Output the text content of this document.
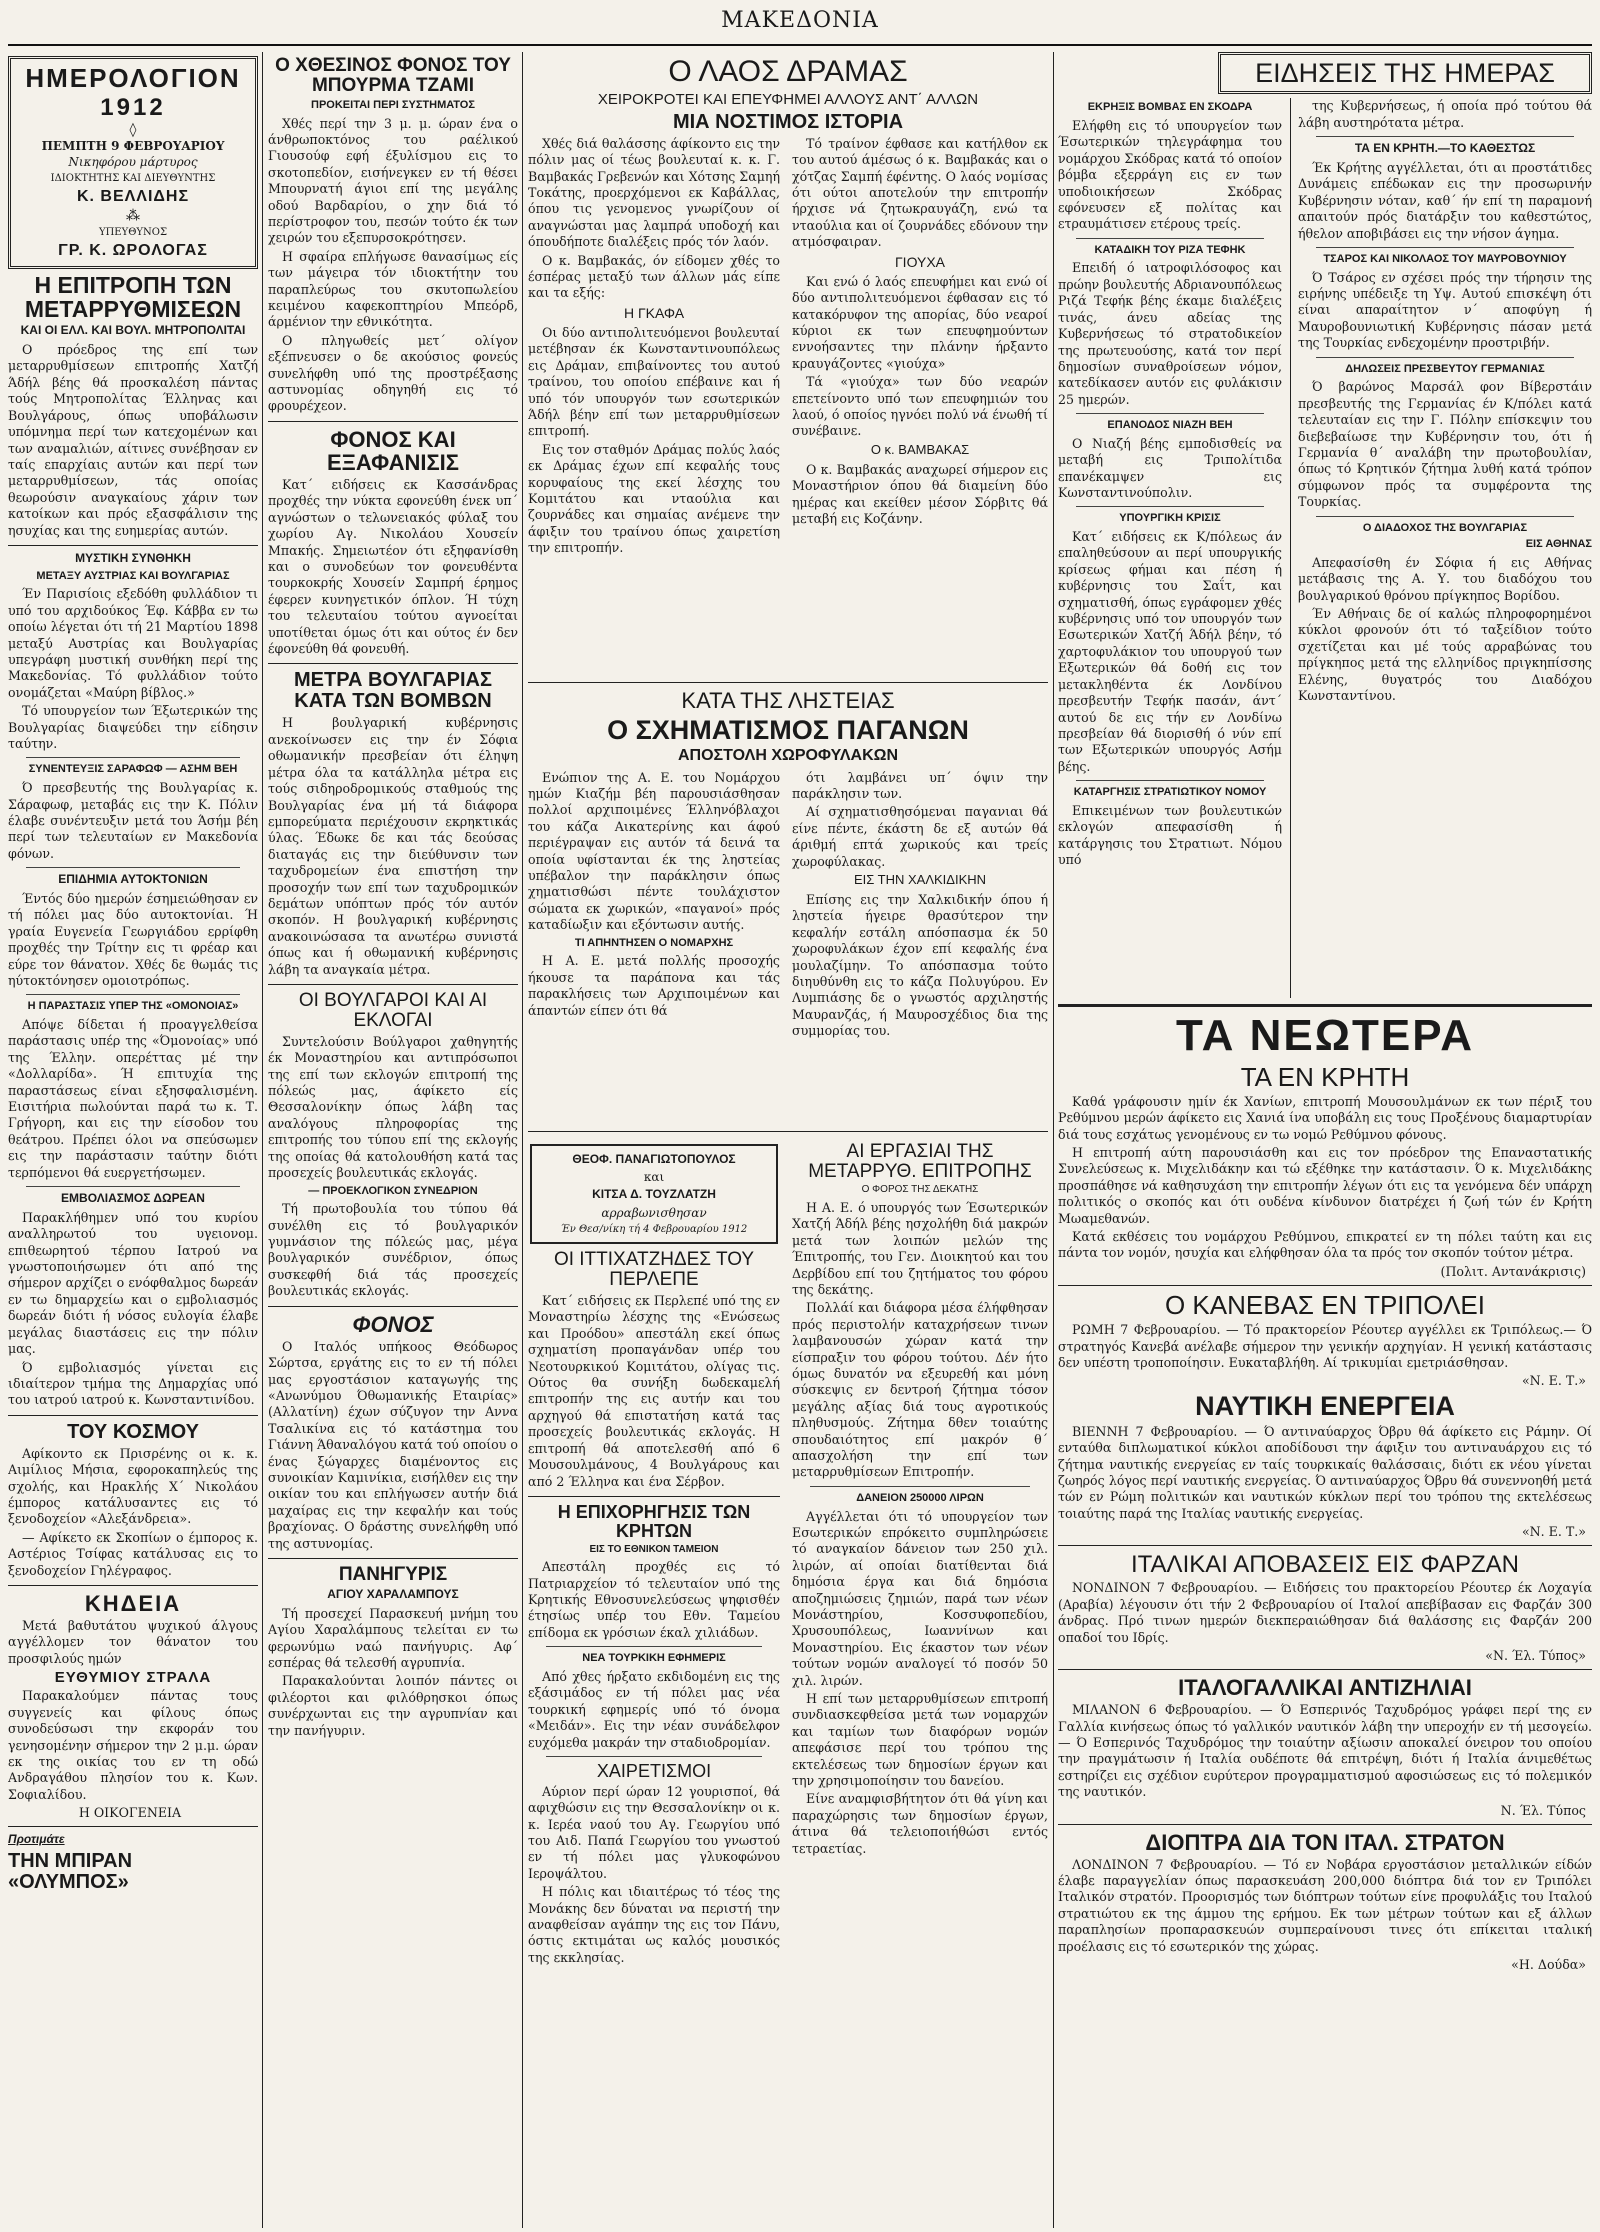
ΜΑΚΕΔΟΝΙΑ
ΗΜΕΡΟΛΟΓΙΟΝ
1912
◊
ΠΕΜΠΤΗ 9 ΦΕΒΡΟΥΑΡΙΟΥ
Νικηφόρου μάρτυρος
ΙΔΙΟΚΤΗΤΗΣ ΚΑΙ ΔΙΕΥΘΥΝΤΗΣ
Κ. ΒΕΛΛΙΔΗΣ
⁂
ΥΠΕΥΘΥΝΟΣ
ΓΡ. Κ. ΩΡΟΛΟΓΑΣ
Η ΕΠΙΤΡΟΠΗ ΤΩΝ ΜΕΤΑΡΡΥΘΜΙΣΕΩΝ
ΚΑΙ ΟΙ ΕΛΛ. ΚΑΙ ΒΟΥΛ. ΜΗΤΡΟΠΟΛΙΤΑΙ

Ο πρόεδρος της επί των μεταρρυθμίσεων επιτροπής Χατζή Άδήλ βέης θά προσκαλέση πάντας τούς Μητροπολίτας Έλληνας και Βουλγάρους, όπως υποβάλωσιν υπόμνημα περί των κατεχομένων και των αναμαλιών, αίτινες συνέβησαν εν ταίς επαρχίαις αυτών και περί των μεταρρυθμίσεων, τάς οποίας θεωρούσιν αναγκαίους χάριν των κατοίκων και πρός εξασφάλισιν της ησυχίας και της ευημερίας αυτών.

ΜΥΣΤΙΚΗ ΣΥΝΘΗΚΗ
ΜΕΤΑΞΥ ΑΥΣΤΡΙΑΣ ΚΑΙ ΒΟΥΛΓΑΡΙΑΣ

Έν Παρισίοις εξεδόθη φυλλάδιον τι υπό του αρχιδούκος Έφ. Κάββα εν τω οποίω λέγεται ότι τή 21 Μαρτίου 1898 μεταξύ Αυστρίας και Βουλγαρίας υπεγράφη μυστική συνθήκη περί της Μακεδονίας. Τό φυλλάδιον τούτο ονομάζεται «Μαύρη βίβλος.»

Τό υπουργείον των Έξωτερικών της Βουλγαρίας διαψεύδει την είδησιν ταύτην.

ΣΥΝΕΝΤΕΥΞΙΣ ΣΑΡΑΦΩΦ — ΑΣΗΜ ΒΕΗ

Ό πρεσβευτής της Βουλγαρίας κ. Σάραφωφ, μεταβάς εις την Κ. Πόλιν έλαβε συνέντευξιν μετά του Άσήμ βέη περί των τελευταίων εν Μακεδονία φόνων.

ΕΠΙΔΗΜΙΑ ΑΥΤΟΚΤΟΝΙΩΝ

Έντός δύο ημερών έσημειώθησαν εν τή πόλει μας δύο αυτοκτονίαι. Ή γραία Ευγενεία Γεωργιάδου ερρίφθη προχθές την Τρίτην εις τι φρέαρ και εύρε τον θάνατον. Χθές δε θωμάς τις ηύτοκτόνησεν ομοιοτρόπως.

Η ΠΑΡΑΣΤΑΣΙΣ ΥΠΕΡ ΤΗΣ «ΟΜΟΝΟΙΑΣ»

Απόψε δίδεται ή προαγγελθείσα παράστασις υπέρ της «Όμονοίας» υπό της Έλλην. οπερέττας μέ την «Δολλαρίδα». Ή επιτυχία της παραστάσεως είναι εξησφαλισμένη. Εισιτήρια πωλούνται παρά τω κ. Τ. Γρήγορη, και εις την είσοδον του θεάτρου. Πρέπει όλοι να σπεύσωμεν εις την παράστασιν ταύτην διότι τερπόμενοι θά ευεργετήσωμεν.

ΕΜΒΟΛΙΑΣΜΟΣ ΔΩΡΕΑΝ

Παρακλήθημεν υπό του κυρίου αναλληρωτού του υγειονομ. επιθεωρητού τέρπου Ιατρού να γνωστοποιήσωμεν ότι από της σήμερον αρχίζει ο ενόφθαλμος δωρεάν εν τω δημαρχείω και ο εμβολιασμός δωρεάν διότι ή νόσος ευλογία έλαβε μεγάλας διαστάσεις εις την πόλιν μας.

Ό εμβολιασμός γίνεται εις ιδιαίτερον τμήμα της Δημαρχίας υπό του ιατρού ιατρού κ. Κωνσταντινίδου.

ΤΟΥ ΚΟΣΜΟΥ

Αφίκοντο εκ Πρισρένης οι κ. κ. Αιμίλιος Μήσια, εφοροκαπηλεύς της σχολής, και Ηρακλής Χ΄ Νικολάου έμπορος κατάλυσαντες εις τό ξενοδοχείον «Αλεξάνδρεια».

— Αφίκετο εκ Σκοπίων ο έμπορος κ. Αστέριος Τσίφας κατάλυσας εις το ξενοδοχείον Γηλέγραφος.

ΚΗΔΕΙΑ

Μετά βαθυτάτου ψυχικού άλγους αγγέλλομεν τον θάνατον του προσφιλούς ημών

ΕΥΘΥΜΙΟΥ ΣΤΡΑΛΑ

Παρακαλούμεν πάντας τους συγγενείς και φίλους όπως συνοδεύσωσι την εκφοράν του γενησομένην σήμερον την 2 μ.μ. ώραν εκ της οικίας του εν τη οδώ Ανδραγάθου πλησίον του κ. Κων. Σοφιαλίδου.

Η ΟΙΚΟΓΕΝΕΙΑ
Προτιμάτε
ΤΗΝ ΜΠΙΡΑΝ «ΟΛΥΜΠΟΣ»
Ο ΧΘΕΣΙΝΟΣ ΦΟΝΟΣ ΤΟΥ ΜΠΟΥΡΜΑ ΤΖΑΜΙ
ΠΡΟΚΕΙΤΑΙ ΠΕΡΙ ΣΥΣΤΗΜΑΤΟΣ

Χθές περί την 3 μ. μ. ώραν ένα ο άνθρωποκτόνος του ραέλικού Γιουσούφ εφή έξυλίσμου εις το σκοτοπεδίον, εισήνεγκεν εν τή θέσει Μπουρνατή άγιοι επί της μεγάλης οδού Βαρδαρίου, ο χην διά τό περίστροφον του, πεσών τούτο έκ των χειρών του εξεπυρσοκρότησεν.

Η σφαίρα επλήγωσε θανασίμως είς των μάγειρα τόν ιδιοκτήτην του παραπλεύρως του σκυτοπωλείου κειμένου καφεκοπτηρίου Μπεόρδ, άρμένιον την εθνικότητα.

Ο πληγωθείς μετ΄ ολίγον εξέπνευσεν ο δε ακούσιος φονεύς συνελήφθη υπό της προστρέξασης αστυνομίας οδηγηθή εις τό φρουρέχεον.

ΦΟΝΟΣ ΚΑΙ ΕΞΑΦΑΝΙΣΙΣ

Κατ΄ ειδήσεις εκ Κασσάνδρας προχθές την νύκτα εφονεύθη ένεκ υπ΄ αγνώστων ο τελωνειακός φύλαξ του χωρίου Αγ. Νικολάου Χουσείν Μπακής. Σημειωτέον ότι εξηφανίσθη και ο συνοδεύων τον φονευθέντα τουρκοκρής Χουσείν Σαμπρή έρημος έφερεν κυνηγετικόν όπλον. Ή τύχη του τελευταίου τούτου αγνοείται υποτίθεται όμως ότι και ούτος έν δεν έφονεύθη θά φονευθή.

ΜΕΤΡΑ ΒΟΥΛΓΑΡΙΑΣ ΚΑΤΑ ΤΩΝ ΒΟΜΒΩΝ

Η βουλγαρική κυβέρνησις ανεκοίνωσεν εις την έν Σόφια οθωμανικήν πρεσβείαν ότι έληψη μέτρα όλα τα κατάλληλα μέτρα εις τούς σιδηροδρομικούς σταθμούς της Βουλγαρίας ένα μή τά διάφορα εμπορεύματα περιέχουσιν εκρηκτικάς ύλας. Έδωκε δε και τάς δεούσας διαταγάς εις την διεύθυνσιν των ταχυδρομείων ένα επιστήση την προσοχήν των επί των ταχυδρομικών δεμάτων υπόπτων πρός τόν αυτόν σκοπόν. Η βουλγαρική κυβέρνησις ανακοινώσασα τα ανωτέρω συνιστά όπως και ή οθωμανική κυβέρνησις λάβη τα αναγκαία μέτρα.

ΟΙ ΒΟΥΛΓΑΡΟΙ ΚΑΙ ΑΙ ΕΚΛΟΓΑΙ

Συντελούσιν Βούλγαροι χαθηγητής έκ Μοναστηρίου και αντιπρόσωποι της επί των εκλογών επιτροπή της πόλεώς μας, άφίκετο είς Θεσσαλονίκην όπως λάβη τας αναλόγους πληροφορίας της επιτροπής του τύπου επί της εκλογής της οποίας θά κατολουθήση κατά τας προσεχείς βουλευτικάς εκλογάς.

— ΠΡΟΕΚΛΟΓΙΚΟΝ ΣΥΝΕΔΡΙΟΝ

Τή πρωτοβουλία του τύπου θά συνέλθη εις τό βουλγαρικόν γυμνάσιον της πόλεώς μας, μέγα βουλγαρικόν συνέδριον, όπως συσκεφθή διά τάς προσεχείς βουλευτικάς εκλογάς.

ΦΟΝΟΣ

Ο Ιταλός υπήκοος Θεόδωρος Σώρτσα, εργάτης εις το εν τή πόλει μας εργοστάσιον καταγωγής της «Ανωνύμου Όθωμανικής Εταιρίας» (Αλλατίνη) έχων σύζυγον την Αννα Τσαλικίνα εις τό κατάστημα του Γιάννη Άθαναλόγου κατά τού οποίου ο ένας ξώγαρχες διαμένοντος εις συνοικίαν Καμινίκια, εισήλθεν εις την οικίαν του και επλήγωσεν αυτήν διά μαχαίρας εις την κεφαλήν και τούς βραχίονας. Ο δράστης συνελήφθη υπό της αστυνομίας.

ΠΑΝΗΓΥΡΙΣ
ΑΓΙΟΥ ΧΑΡΑΛΑΜΠΟΥΣ

Τή προσεχεί Παρασκευή μνήμη του Αγίου Χαραλάμπους τελείται εν τω φερωνύμω ναώ πανήγυρις. Αφ΄ εσπέρας θά τελεσθή αγρυπνία.

Παρακαλούνται λοιπόν πάντες οι φιλέορτοι και φιλόθρησκοι όπως συνέρχωνται εις την αγρυπνίαν και την πανήγυριν.

Ο ΛΑΟΣ ΔΡΑΜΑΣ
ΧΕΙΡΟΚΡΟΤΕΙ ΚΑΙ ΕΠΕΥΦΗΜΕΙ ΑΛΛΟΥΣ ΑΝΤ΄ ΑΛΛΩΝ
ΜΙΑ ΝΟΣΤΙΜΟΣ ΙΣΤΟΡΙΑ

Χθές διά θαλάσσης άφίκοντο εις την πόλιν μας οί τέως βουλευταί κ. κ. Γ. Βαμβακάς Γρεβενών και Χότσης Σαμηή Τοκάτης, προερχόμενοι εκ Καβάλλας, όπου τις γενομενος γνωρίζουν οί αναγνώσται μας λαμπρά υποδοχή και όπουδήποτε διαλέξεις πρός τόν λαόν.

Ο κ. Βαμβακάς, όν είδομεν χθές το έσπέρας μεταξύ των άλλων μάς είπε και τα εξής:

Η ΓΚΑΦΑ

Οι δύο αντιπολιτευόμενοι βουλευταί μετέβησαν έκ Κωνσταντινουπόλεως εις Δράμαν, επιβαίνοντες του αυτού τραίνου, του οποίου επέβαινε και ή υπό τόν υπουργόν των εσωτερικών Άδήλ βέην επί των μεταρρυθμίσεων επιτροπή.

Εις τον σταθμόν Δράμας πολύς λαός εκ Δράμας έχων επί κεφαλής τους κορυφαίους της εκεί λέσχης του Κομιτάτου και νταούλια και ζουρνάδες και σημαίας ανέμενε την άφιξιν του τραίνου όπως χαιρετίση την επιτροπήν.

Τό τραίνον έφθασε και κατήλθον εκ του αυτού άμέσως ό κ. Βαμβακάς και ο χότζας Σαμπή έφέντης. Ο λαός νομίσας ότι ούτοι αποτελούν την επιτροπήν ήρχισε νά ζητωκραυγάζη, ενώ τα νταούλια και οί ζουρνάδες εδόνουν την ατμόσφαιραν.

ΓΙΟΥΧΑ

Και ενώ ό λαός επευφήμει και ενώ οί δύο αντιπολιτευόμενοι έφθασαν εις τό κατακόρυφον της απορίας, δύο νεαροί κύριοι εκ των επευφημούντων εννοήσαντες την πλάνην ήρξαντο κραυγάζοντες «γιούχα»

Τά «γιούχα» των δύο νεαρών επετείνοντο υπό των επευφημιών του λαού, ό οποίος ηγνόει πολύ νά ένωθή τί συνέβαινε.

Ο κ. ΒΑΜΒΑΚΑΣ

Ο κ. Βαμβακάς αναχωρεί σήμερον εις Μοναστήριον όπου θά διαμείνη δύο ημέρας και εκείθεν μέσον Σόρβιτς θά μεταβή εις Κοζάνην.

ΚΑΤΑ ΤΗΣ ΛΗΣΤΕΙΑΣ
Ο ΣΧΗΜΑΤΙΣΜΟΣ ΠΑΓΑΝΩΝ
ΑΠΟΣΤΟΛΗ ΧΩΡΟΦΥΛΑΚΩΝ

Ενώπιον της Α. Ε. του Νομάρχου ημών Κιαζήμ βέη παρουσιάσθησαν πολλοί αρχιποιμένες Έλληνόβλαχοι του κάζα Αικατερίνης και άφού περιέγραψαν εις αυτόν τά δεινά τα οποία υφίστανται έκ της ληστείας υπέβαλον την παράκλησιν όπως χηματισθώσι πέντε τουλάχιστον σώματα εκ χωρικών, «παγανοί» πρός καταδίωξιν και εξόντωσιν αυτής.

ΤΙ ΑΠΗΝΤΗΣΕΝ Ο ΝΟΜΑΡΧΗΣ

Η Α. Ε. μετά πολλής προσοχής ήκουσε τα παράπονα και τάς παρακλήσεις των Αρχιποιμένων και άπαντών είπεν ότι θά

ότι λαμβάνει υπ΄ όψιν την παράκλησιν των.

Αί σχηματισθησόμεναι παγανιαι θά είνε πέντε, έκάστη δε εξ αυτών θά άριθμή επτά χωρικούς και τρείς χωροφύλακας.

ΕΙΣ ΤΗΝ ΧΑΛΚΙΔΙΚΗΝ

Επίσης εις την Χαλκιδικήν όπου ή ληστεία ήγειρε θρασύτερον την κεφαλήν εστάλη απόσπασμα έκ 50 χωροφυλάκων έχον επί κεφαλής ένα μουλαζίμην. Το απόσπασμα τούτο διηυθύνθη εις το κάζα Πολυγύρου. Εν Λυμπιάσης δε ο γνωστός αρχιληστής Μαυρανζάς, ή Μαυροσχέδιος δια της συμμορίας του.

ΘΕΟΦ. ΠΑΝΑΓΙΩΤΟΠΟΥΛΟΣ
και
ΚΙΤΣΑ Δ. ΤΟΥΖΛΑΤΖΗ
αρραβωνισθησαν
Έν Θεσ/νίκη τή 4 Φεβρουαρίου 1912
ΟΙ ΙΤΤΙΧΑΤΖΗΔΕΣ ΤΟΥ ΠΕΡΛΕΠΕ

Κατ΄ ειδήσεις εκ Περλεπέ υπό της εν Μοναστηρίω λέσχης της «Ενώσεως και Προόδου» απεστάλη εκεί όπως σχηματίση προπαγάνδαν υπέρ του Νεοτουρκικού Κομιτάτου, ολίγας τις. Ούτος θα συνήξη δωδεκαμελή επιτροπήν της εις αυτήν και του αρχηγού θά επιστατήση κατά τας προσεχείς βουλευτικάς εκλογάς. Η επιτροπή θά αποτελεσθή από 6 Μουσουλμάνους, 4 Βουλγάρους και από 2 Έλληνα και ένα Σέρβον.

Η ΕΠΙΧΟΡΗΓΗΣΙΣ ΤΩΝ ΚΡΗΤΩΝ
ΕΙΣ ΤΟ ΕΘΝΙΚΟΝ ΤΑΜΕΙΟΝ

Απεστάλη προχθές εις τό Πατριαρχείον τό τελευταίον υπό της Κρητικής Εθνοσυνελεύσεως ψηφισθέν έτησίως υπέρ του Εθν. Ταμείου επίδομα εκ γρόσιων έκαλ χιλιάδων.

ΝΕΑ ΤΟΥΡΚΙΚΗ ΕΦΗΜΕΡΙΣ

Από χθες ήρξατο εκδιδομένη εις της εξάσιμάδος εν τή πόλει μας νέα τουρκική εφημερίς υπό τό όνομα «Μειδάν». Εις την νέαν συνάδελφον ευχόμεθα μακράν την σταδιοδρομίαν.

ΧΑΙΡΕΤΙΣΜΟΙ

Αύριον περί ώραν 12 γουρισποί, θά αφιχθώσιν εις την Θεσσαλονίκην οι κ. κ. Ιερέα ναού του Αγ. Γεωργίου υπό του Αιδ. Παπά Γεωργίου του γνωστού εν τή πόλει μας γλυκοφώνου Ιεροψάλτου.

Η πόλις και ιδιαιτέρως τό τέος της Μονάκης δεν δύναται να περιστή την αναφθείσαν αγάπην της εις τον Πάνυ, όστις εκτιμάται ως καλός μουσικός της εκκλησίας.

ΑΙ ΕΡΓΑΣΙΑΙ ΤΗΣ ΜΕΤΑΡΡΥΘ. ΕΠΙΤΡΟΠΗΣ
Ο ΦΟΡΟΣ ΤΗΣ ΔΕΚΑΤΗΣ

Η Α. Ε. ό υπουργός των Έσωτερικών Χατζή Άδήλ βέης ησχολήθη διά μακρών μετά των λοιπών μελών της Έπιτροπής, του Γεν. Διοικητού και του Δερβίδου επί του ζητήματος του φόρου της δεκάτης.

Πολλάί και διάφορα μέσα έλήφθησαν πρός περιστολήν καταχρήσεων τινων λαμβανουσών χώραν κατά την είσπραξιν του φόρου τούτου. Δέν ήτο όμως δυνατόν να εξευρεθή και μόνη σύσκεψις εν δεντροή ζήτημα τόσον μεγάλης αξίας διά τους αγροτικούς πληθυσμούς. Ζήτημα δθεν τοιαύτης σπουδαιότητος επί μακρόν θ΄ απασχολήση την επί των μεταρρυθμίσεων Επιτροπήν.

ΔΑΝΕΙΟΝ 250000 ΛΙΡΩΝ

Αγγέλλεται ότι τό υπουργείον των Εσωτερικών επρόκειτο συμπληρώσειε τό αναγκαίον δάνειον των 250 χιλ. λιρών, αί οποίαι διατίθενται διά δημόσια έργα και διά δημόσια αποζημιώσεις ζημιών, παρά των νέων Μονάστηρίου, Κοσσυφοπεδίου, Χρυσουπόλεως, Ιωαννίνων και Μοναστηρίου. Εις έκαστον των νέων τούτων νομών αναλογεί τό ποσόν 50 χιλ. λιρών.

Η επί των μεταρρυθμίσεων επιτροπή συνδιασκεφθείσα μετά των νομαρχών και ταμίων των διαφόρων νομών απεφάσισε περί του τρόπου της εκτελέσεως των δημοσίων έργων και την χρησιμοποίησιν του δανείου.

Είνε αναμφισβήτητον ότι θά γίνη και παραχώρησις των δημοσίων έργων, άτινα θά τελειοποιήθώσι εντός τετραετίας.

ΕΙΔΗΣΕΙΣ ΤΗΣ ΗΜΕΡΑΣ
ΕΚΡΗΞΙΣ ΒΟΜΒΑΣ ΕΝ ΣΚΟΔΡΑ

Ελήφθη εις τό υπουργείον των Έσωτερικών τηλεγράφημα του νομάρχου Σκόδρας κατά τό οποίον βόμβα εξερράγη εις εν των υποδιοικήσεων Σκόδρας εφόνευσεν εξ πολίτας και ετραυμάτισεν ετέρους τρείς.

ΚΑΤΑΔΙΚΗ ΤΟΥ ΡΙΖΑ ΤΕΦΗΚ

Επειδή ό ιατροφιλόσοφος και πρώην βουλευτής Αδριανουπόλεως Ριζά Τεφήκ βέης έκαμε διαλέξεις τινάς, άνευ αδείας της Κυβερνήσεως τό στρατοδικείον της πρωτευούσης, κατά τον περί δημοσίων συναθροίσεων νόμον, κατεδίκασεν αυτόν εις φυλάκισιν 25 ημερών.

ΕΠΑΝΟΔΟΣ ΝΙΑΖΗ ΒΕΗ

Ο Νιαζή βέης εμποδισθείς να μεταβή εις Τριπολίτιδα επανέκαμψεν εις Κωνσταντινούπολιν.

ΥΠΟΥΡΓΙΚΗ ΚΡΙΣΙΣ

Κατ΄ ειδήσεις εκ Κ/πόλεως άν επαληθεύσουν αι περί υπουργικής κρίσεως φήμαι και πέση ή κυβέρνησις του Σαΐτ, και σχηματισθή, όπως εγράφομεν χθές κυβέρνησις υπό τον υπουργόν των Εσωτερικών Χατζή Άδήλ βέην, τό χαρτοφυλάκιον του υπουργού των Εξωτερικών θά δοθή εις τον μετακληθέντα έκ Λονδίνου πρεσβευτήν Τεφήκ πασάν, άντ΄ αυτού δε εις τήν εν Λονδίνω πρεσβείαν θά διορισθή ό νύν επί των Εξωτερικών υπουργός Ασήμ βέης.

ΚΑΤΑΡΓΗΣΙΣ ΣΤΡΑΤΙΩΤΙΚΟΥ ΝΟΜΟΥ

Επικειμένων των βουλευτικών εκλογών απεφασίσθη ή κατάργησις του Στρατιωτ. Νόμου υπό

της Κυβερνήσεως, ή οποία πρό τούτου θά λάβη αυστηρότατα μέτρα.

ΤΑ ΕΝ ΚΡΗΤΗ.—ΤΟ ΚΑΘΕΣΤΩΣ

Έκ Κρήτης αγγέλλεται, ότι αι προστάτιδες Δυνάμεις επέδωκαν εις την προσωρινήν Κυβέρνησιν νόταν, καθ΄ ήν επί τη παραμονή απαιτούν πρός διατάρξιν του καθεστώτος, ήθελον αποβιβάσει εις την νήσον άγημα.

ΤΣΑΡΟΣ ΚΑΙ ΝΙΚΟΛΑΟΣ ΤΟΥ ΜΑΥΡΟΒΟΥΝΙΟΥ

Ό Τσάρος εν σχέσει πρός την τήρησιν της ειρήνης υπέδειξε τη Υψ. Αυτού επισκέψη ότι είναι απαραίτητον ν΄ αποφύγη ή Μαυροβουνιωτική Κυβέρνησις πάσαν μετά της Τουρκίας ενδεχομένην προστριβήν.

ΔΗΛΩΣΕΙΣ ΠΡΕΣΒΕΥΤΟΥ ΓΕΡΜΑΝΙΑΣ

Ό βαρώνος Μαρσάλ φον Βίβερστάιν πρεσβευτής της Γερμανίας έν Κ/πόλει κατά τελευταίαν εις την Γ. Πόλην επίσκεψιν του διεβεβαίωσε την Κυβέρνησιν του, ότι ή Γερμανία θ΄ αναλάβη την πρωτοβουλίαν, όπως τό Κρητικόν ζήτημα λυθή κατά τρόπον σύμφωνον πρός τα συμφέροντα της Τουρκίας.

Ο ΔΙΑΔΟΧΟΣ ΤΗΣ ΒΟΥΛΓΑΡΙΑΣ
ΕΙΣ ΑΘΗΝΑΣ

Απεφασίσθη έν Σόφια ή εις Αθήνας μετάβασις της Α. Υ. του διαδόχου του βουλγαρικού θρόνου πρίγκηπος Βορίδου.

Έν Αθήναις δε οί καλώς πληροφορημένοι κύκλοι φρονούν ότι τό ταξείδιον τούτο σχετίζεται και μέ τούς αρραβώνας του πρίγκηπος μετά της ελληνίδος πριγκηπίσσης Ελένης, θυγατρός του Διαδόχου Κωνσταντίνου.

ΤΑ ΝΕΩΤΕΡΑ
ΤΑ ΕΝ ΚΡΗΤΗ

Καθά γράφουσιν ημίν έκ Χανίων, επιτροπή Μουσουλμάνων εκ των πέριξ του Ρεθύμνου μερών άφίκετο εις Χανιά ίνα υποβάλη εις τους Προξένους διαμαρτυρίαν διά τους εσχάτως γενομένους εν τω νομώ Ρεθύμνου φόνους.

Η επιτροπή αύτη παρουσιάσθη και εις τον πρόεδρον της Επαναστατικής Συνελεύσεως κ. Μιχελιδάκην και τώ εξέθηκε την κατάστασιν. Ό κ. Μιχελιδάκης προσπάθησε νά καθησυχάση την επιτροπήν λέγων ότι εις τα γενόμενα δέν υπάρχη πολιτικός ο σκοπός και ότι ουδένα κίνδυνον διατρέχει ή ζωή τών έν Κρήτη Μωαμεθανών.

Κατά εκθέσεις του νομάρχου Ρεθύμνου, επικρατεί εν τη πόλει ταύτη και εις πάντα τον νομόν, ησυχία και ελήφθησαν όλα τα πρός τον σκοπόν τούτον μέτρα.

(Πολιτ. Αντανάκρισις)
Ο ΚΑΝΕΒΑΣ ΕΝ ΤΡΙΠΟΛΕΙ

ΡΩΜΗ 7 Φεβρουαρίου. — Τό πρακτορείον Ρέουτερ αγγέλλει εκ Τριπόλεως.— Ό στρατηγός Κανεβά ανέλαβε σήμερον την γενικήν αρχηγίαν. Η γενική κατάστασις δεν υπέστη τροποποίησιν. Ευκαταβλήθη. Αί τρικυμίαι εμετριάσθησαν.

«Ν. Ε. Τ.»
ΝΑΥΤΙΚΗ ΕΝΕΡΓΕΙΑ

ΒΙΕΝΝΗ 7 Φεβρουαρίου. — Ό αντιναύαρχος Όβρυ θά άφίκετο εις Ράμην. Οί ενταύθα διπλωματικοί κύκλοι αποδίδουσι την άφιξιν του αντιναυάρχου εις τό ζήτημα ναυτικής ενεργείας εν ταίς τουρκικαίς θαλάσσαις, διότι εκ νέου γίνεται ζωηρός λόγος περί ναυτικής ενεργείας. Ό αντιναύαρχος Όβρυ θά συνεννοηθή μετά τών εν Ρώμη πολιτικών και ναυτικών κύκλων περί του τρόπου της εκτελέσεως τοιαύτης παρά της Ιταλίας ναυτικής ενεργείας.

«Ν. Ε. Τ.»
ΙΤΑΛΙΚΑΙ ΑΠΟΒΑΣΕΙΣ ΕΙΣ ΦΑΡΖΑΝ

ΝΟΝΔΙΝΟΝ 7 Φεβρουαρίου. — Ειδήσεις του πρακτορείου Ρέουτερ έκ Λοχαγία (Αραβία) λέγουσιν ότι τήν 2 Φεβρουαρίου οί Ιταλοί απεβίβασαν εις Φαρζάν 300 άνδρας. Πρό τινων ημερών διεκπεραιώθησαν διά θαλάσσης εις Φαρζάν 200 οπαδοί του Ιδρίς.

«Ν. Έλ. Τύπος»
ΙΤΑΛΟΓΑΛΛΙΚΑΙ ΑΝΤΙΖΗΛΙΑΙ

ΜΙΛΑΝΟΝ 6 Φεβρουαρίου. — Ό Εσπερινός Ταχυδρόμος γράφει περί της εν Γαλλία κινήσεως όπως τό γαλλικόν ναυτικόν λάβη την υπεροχήν εν τή μεσογείω.— Ό Εσπερινός Ταχυδρόμος την τοιαύτην αξίωσιν αποκαλεί όνειρον του οποίου την πραγμάτωσιν ή Ιταλία ουδέποτε θά επιτρέψη, διότι ή Ιταλία άνιμεθέτως εστηρίζει εις σχέδιον ευρύτερον προγραμματισμού αφοσιώσεως εις τό πολεμικόν της ναυτικόν.

Ν. Έλ. Τύπος
ΔΙΟΠΤΡΑ ΔΙΑ ΤΟΝ ΙΤΑΛ. ΣΤΡΑΤΟΝ

ΛΟΝΔΙΝΟΝ 7 Φεβρουαρίου. — Τό εν Νοβάρα εργοστάσιον μεταλλικών είδών έλαβε παραγγελίαν όπως παρασκευάση 200,000 διόπτρα διά τον εν Τριπόλει Ιταλικόν στρατόν. Προορισμός των διόπτρων τούτων είνε προφυλάξις του Ιταλού στρατιώτου εκ της άμμου της ερήμου. Εκ των μέτρων τούτων και εξ άλλων παραπλησίων προπαρασκευών συμπεραίνουσι τινες ότι επίκειται ιταλική προέλασις εις τό εσωτερικόν της χώρας.

«Η. Δούδα»
